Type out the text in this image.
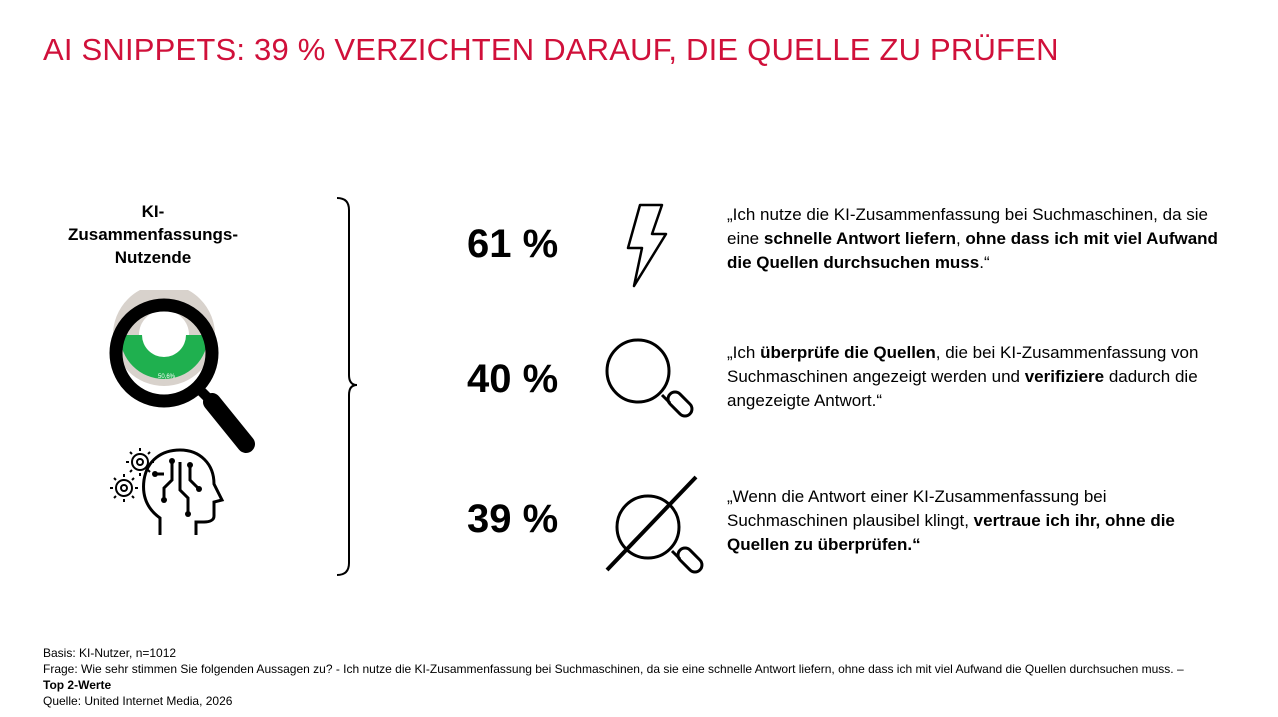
AI SNIPPETS: 39 % VERZICHTEN DARAUF, DIE QUELLE ZU PRÜFEN
KI-
Zusammenfassungs-
Nutzende
50,6%
61 %
„Ich nutze die KI-Zusammenfassung bei Suchmaschinen, da sie eine schnelle Antwort liefern, ohne dass ich mit viel Aufwand die Quellen durchsuchen muss.“
40 %
„Ich überprüfe die Quellen, die bei KI-Zusammenfassung von Suchmaschinen angezeigt werden und verifiziere dadurch die angezeigte Antwort.“
39 %
„Wenn die Antwort einer KI-Zusammenfassung bei Suchmaschinen plausibel klingt, vertraue ich ihr, ohne die Quellen zu überprüfen.“
Basis: KI-Nutzer, n=1012
Frage: Wie sehr stimmen Sie folgenden Aussagen zu? - Ich nutze die KI-Zusammenfassung bei Suchmaschinen, da sie eine schnelle Antwort liefern, ohne dass ich mit viel Aufwand die Quellen durchsuchen muss. – Top 2-Werte
Quelle: United Internet Media, 2026
